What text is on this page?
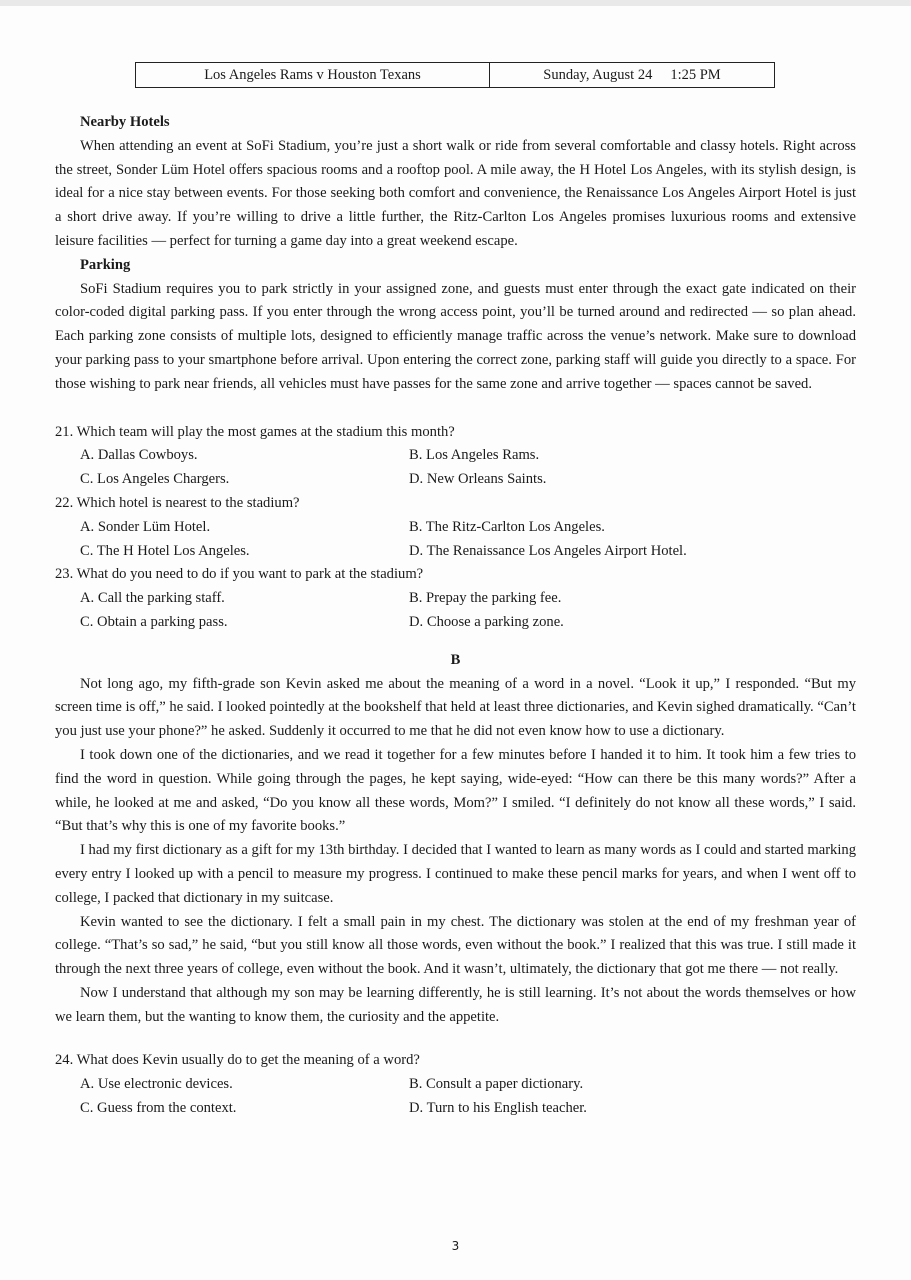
Los Angeles Rams v Houston Texans	Sunday, August 24 1:25 PM
Nearby Hotels

When attending an event at SoFi Stadium, you’re just a short walk or ride from several comfortable and classy hotels. Right across the street, Sonder Lüm Hotel offers spacious rooms and a rooftop pool. A mile away, the H Hotel Los Angeles, with its stylish design, is ideal for a nice stay between events. For those seeking both comfort and convenience, the Renaissance Los Angeles Airport Hotel is just a short drive away. If you’re willing to drive a little further, the Ritz-Carlton Los Angeles promises luxurious rooms and extensive leisure facilities — perfect for turning a game day into a great weekend escape.

Parking

SoFi Stadium requires you to park strictly in your assigned zone, and guests must enter through the exact gate indicated on their color-coded digital parking pass. If you enter through the wrong access point, you’ll be turned around and redirected — so plan ahead. Each parking zone consists of multiple lots, designed to efficiently manage traffic across the venue’s network. Make sure to download your parking pass to your smartphone before arrival. Upon entering the correct zone, parking staff will guide you directly to a space. For those wishing to park near friends, all vehicles must have passes for the same zone and arrive together — spaces cannot be saved.

21. Which team will play the most games at the stadium this month?

A. Dallas Cowboys.	B. Los Angeles Rams.
C. Los Angeles Chargers.	D. New Orleans Saints.

22. Which hotel is nearest to the stadium?

A. Sonder Lüm Hotel.	B. The Ritz-Carlton Los Angeles.
C. The H Hotel Los Angeles.	D. The Renaissance Los Angeles Airport Hotel.

23. What do you need to do if you want to park at the stadium?

A. Call the parking staff.	B. Prepay the parking fee.
C. Obtain a parking pass.	D. Choose a parking zone.
B

Not long ago, my fifth-grade son Kevin asked me about the meaning of a word in a novel. “Look it up,” I responded. “But my screen time is off,” he said. I looked pointedly at the bookshelf that held at least three dictionaries, and Kevin sighed dramatically. “Can’t you just use your phone?” he asked. Suddenly it occurred to me that he did not even know how to use a dictionary.

I took down one of the dictionaries, and we read it together for a few minutes before I handed it to him. It took him a few tries to find the word in question. While going through the pages, he kept saying, wide-eyed: “How can there be this many words?” After a while, he looked at me and asked, “Do you know all these words, Mom?” I smiled. “I definitely do not know all these words,” I said. “But that’s why this is one of my favorite books.”

I had my first dictionary as a gift for my 13th birthday. I decided that I wanted to learn as many words as I could and started marking every entry I looked up with a pencil to measure my progress. I continued to make these pencil marks for years, and when I went off to college, I packed that dictionary in my suitcase.

Kevin wanted to see the dictionary. I felt a small pain in my chest. The dictionary was stolen at the end of my freshman year of college. “That’s so sad,” he said, “but you still know all those words, even without the book.” I realized that this was true. I still made it through the next three years of college, even without the book. And it wasn’t, ultimately, the dictionary that got me there — not really.

Now I understand that although my son may be learning differently, he is still learning. It’s not about the words themselves or how we learn them, but the wanting to know them, the curiosity and the appetite.

24. What does Kevin usually do to get the meaning of a word?

A. Use electronic devices.	B. Consult a paper dictionary.
C. Guess from the context.	D. Turn to his English teacher.
3
